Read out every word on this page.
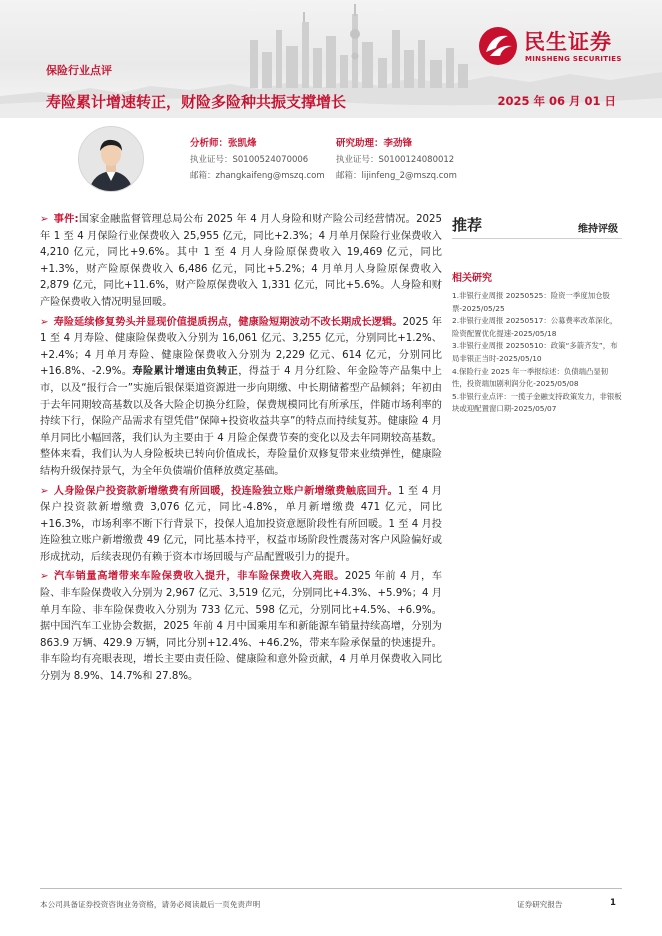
保险行业点评
寿险累计增速转正，财险多险种共振支撑增长	2025 年 06 月 01 日
民生证券
MINSHENG SECURITIES
分析师：张凯烽
执业证号：S0100524070006
邮箱：zhangkaifeng@mszq.com
研究助理：李劲锋
执业证号：S0100124080012
邮箱：lijinfeng_2@mszq.com

➢ 事件:国家金融监督管理总局公布 2025 年 4 月人身险和财产险公司经营情况。2025 年 1 至 4 月保险行业保费收入 25,955 亿元，同比+2.3%；4 月单月保险行业保费收入 4,210 亿元，同比+9.6%。其中 1 至 4 月人身险原保费收入 19,469 亿元，同比+1.3%，财产险原保费收入 6,486 亿元，同比+5.2%；4 月单月人身险原保费收入 2,879 亿元，同比+11.6%，财产险原保费收入 1,331 亿元，同比+5.6%。人身险和财产险保费收入情况明显回暖。

➢ 寿险延续修复势头并显现价值提质拐点，健康险短期波动不改长期成长逻辑。2025 年 1 至 4 月寿险、健康险保费收入分别为 16,061 亿元、3,255 亿元，分别同比+1.2%、+2.4%；4 月单月寿险、健康险保费收入分别为 2,229 亿元、614 亿元，分别同比+16.8%、-2.9%。寿险累计增速由负转正，得益于 4 月分红险、年金险等产品集中上市，以及“报行合一”实施后银保渠道资源进一步向期缴、中长期储蓄型产品倾斜；年初由于去年同期较高基数以及各大险企切换分红险，保费规模同比有所承压，伴随市场利率的持续下行，保险产品需求有望凭借“保障+投资收益共享”的特点而持续复苏。健康险 4 月单月同比小幅回落，我们认为主要由于 4 月险企保费节奏的变化以及去年同期较高基数。整体来看，我们认为人身险板块已转向价值成长，寿险量价双修复带来业绩弹性，健康险结构升级保持景气，为全年负债端价值释放奠定基础。

➢ 人身险保户投资款新增缴费有所回暖，投连险独立账户新增缴费触底回升。1 至 4 月保户投资款新增缴费 3,076 亿元，同比-4.8%，单月新增缴费 471 亿元，同比+16.3%，市场利率不断下行背景下，投保人追加投资意愿阶段性有所回暖。1 至 4 月投连险独立账户新增缴费 49 亿元，同比基本持平，权益市场阶段性震荡对客户风险偏好或形成扰动，后续表现仍有赖于资本市场回暖与产品配置吸引力的提升。

➢ 汽车销量高增带来车险保费收入提升，非车险保费收入亮眼。2025 年前 4 月，车险、非车险保费收入分别为 2,967 亿元、3,519 亿元，分别同比+4.3%、+5.9%；4 月单月车险、非车险保费收入分别为 733 亿元、598 亿元，分别同比+4.5%、+6.9%。据中国汽车工业协会数据，2025 年前 4 月中国乘用车和新能源车销量持续高增，分别为 863.9 万辆、429.9 万辆，同比分别+12.4%、+46.2%，带来车险承保量的快速提升。非车险均有亮眼表现，增长主要由责任险、健康险和意外险贡献，4 月单月保费收入同比分别为 8.9%、14.7%和 27.8%。

推荐	维持评级
相关研究
1.非银行业周报 20250525：险资一季度加仓股票-2025/05/25
2.非银行业周报 20250517：公募费率改革深化，险资配置优化提速-2025/05/18
3.非银行业周报 20250510：政策“多箭齐发”，布局非银正当时-2025/05/10
4.保险行业 2025 年一季报综述：负债端凸显韧性，投资端加剧利润分化-2025/05/08
5.非银行业点评：一揽子金融支持政策发力，非银板块或迎配置窗口期-2025/05/07
本公司具备证券投资咨询业务资格，请务必阅读最后一页免责声明	证券研究报告	1
